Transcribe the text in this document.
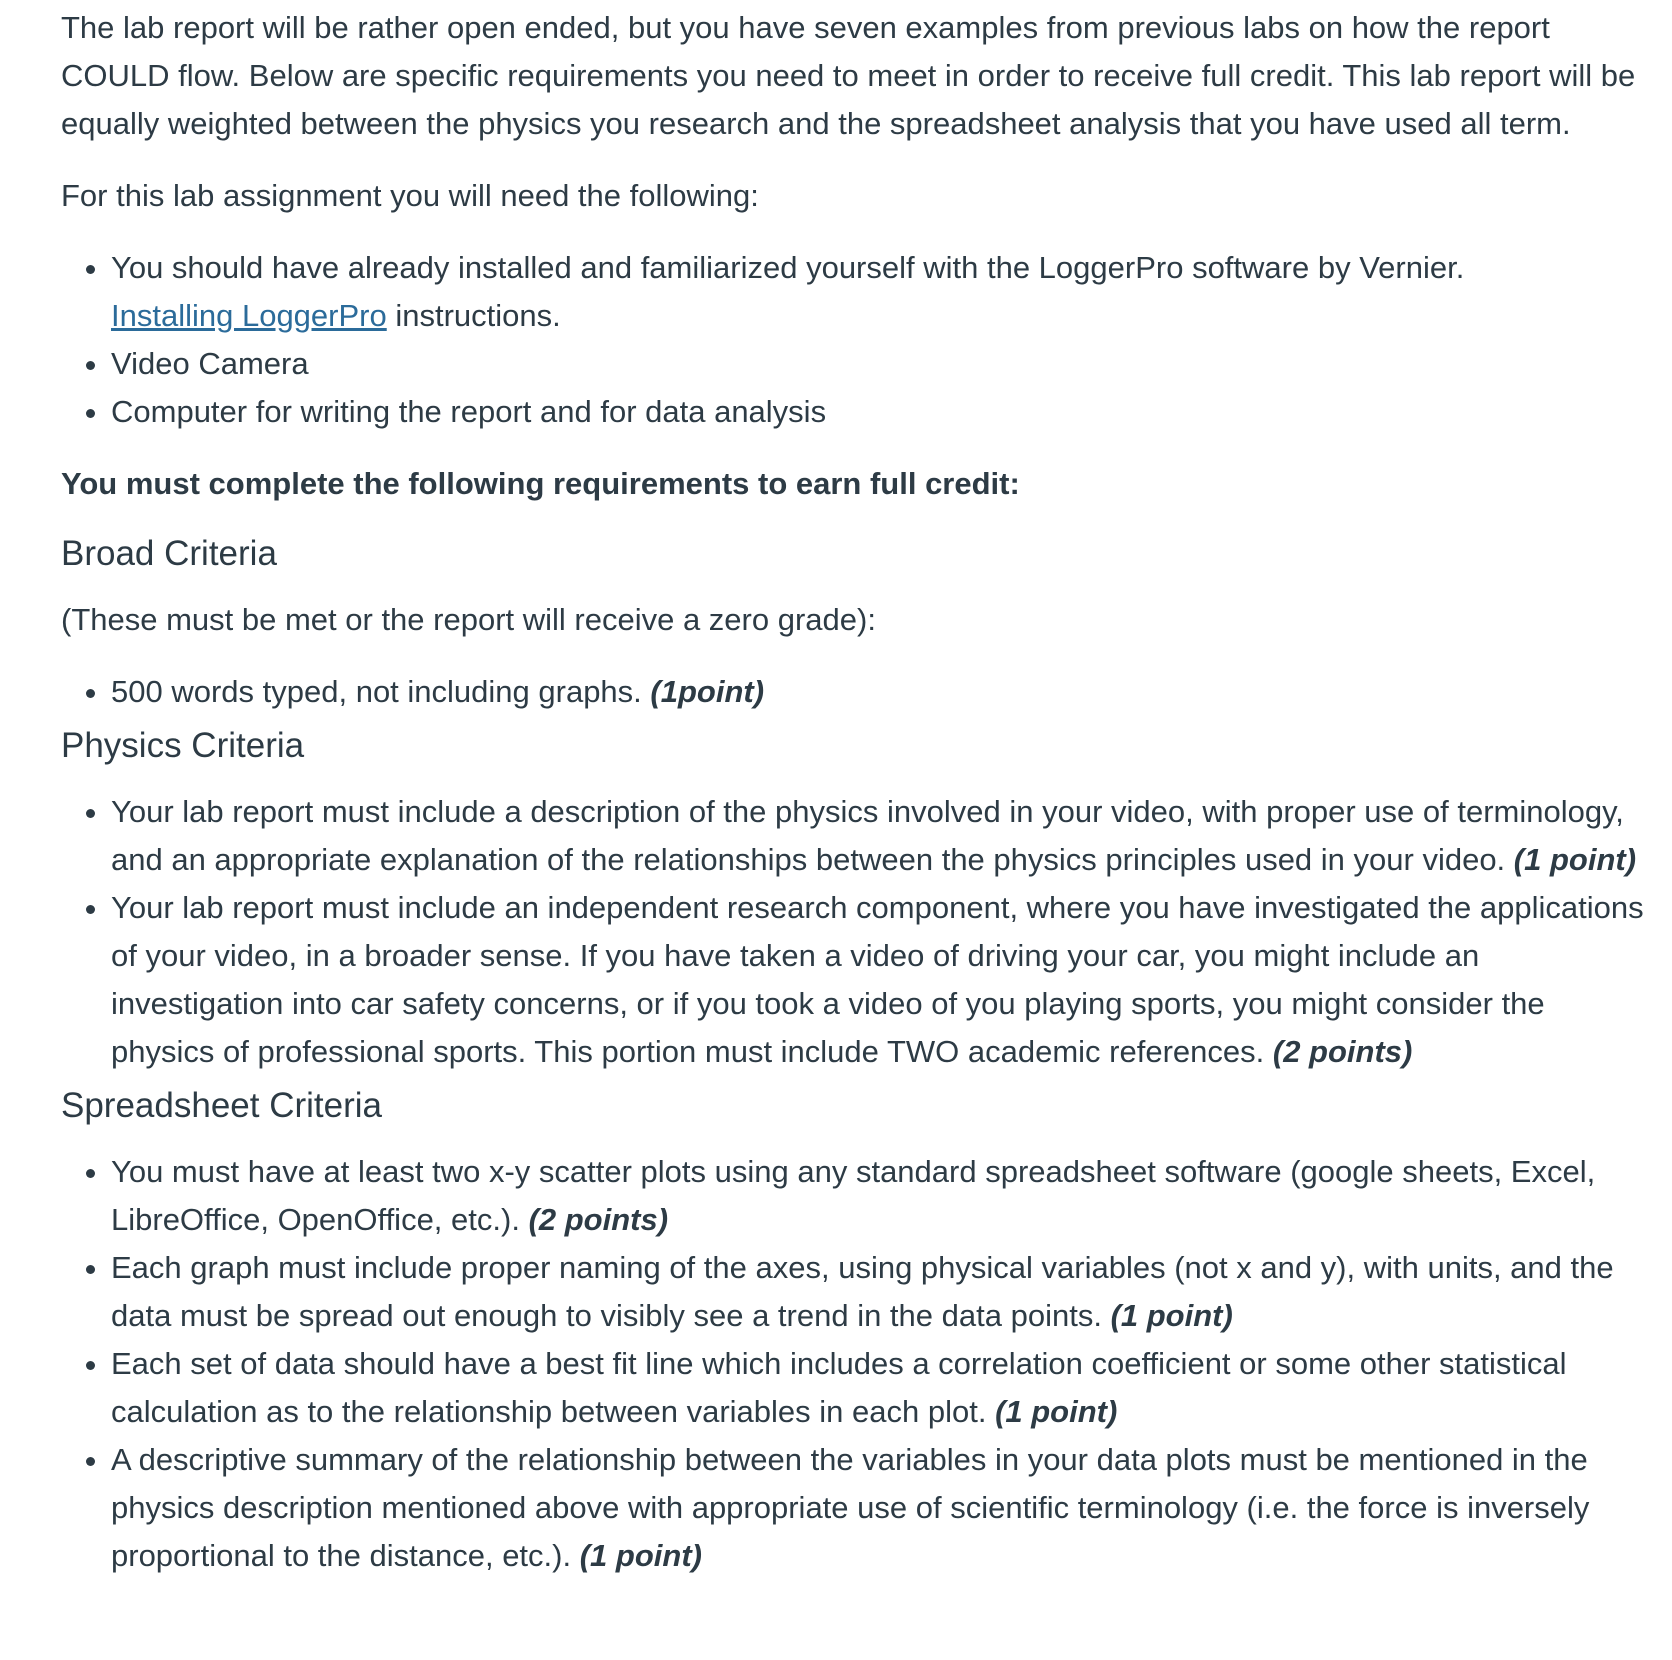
The lab report will be rather open ended, but you have seven examples from previous labs on how the report COULD flow. Below are specific requirements you need to meet in order to receive full credit. This lab report will be equally weighted between the physics you research and the spreadsheet analysis that you have used all term.

For this lab assignment you will need the following:

• You should have already installed and familiarized yourself with the LoggerPro software by Vernier.
Installing LoggerPro instructions.
• Video Camera
• Computer for writing the report and for data analysis

You must complete the following requirements to earn full credit:

Broad Criteria

(These must be met or the report will receive a zero grade):

• 500 words typed, not including graphs. (1point)
Physics Criteria
• Your lab report must include a description of the physics involved in your video, with proper use of terminology, and an appropriate explanation of the relationships between the physics principles used in your video. (1 point)
• Your lab report must include an independent research component, where you have investigated the applications of your video, in a broader sense. If you have taken a video of driving your car, you might include an investigation into car safety concerns, or if you took a video of you playing sports, you might consider the physics of professional sports. This portion must include TWO academic references. (2 points)
Spreadsheet Criteria
• You must have at least two x-y scatter plots using any standard spreadsheet software (google sheets, Excel, LibreOffice, OpenOffice, etc.). (2 points)
• Each graph must include proper naming of the axes, using physical variables (not x and y), with units, and the data must be spread out enough to visibly see a trend in the data points. (1 point)
• Each set of data should have a best fit line which includes a correlation coefficient or some other statistical calculation as to the relationship between variables in each plot. (1 point)
• A descriptive summary of the relationship between the variables in your data plots must be mentioned in the physics description mentioned above with appropriate use of scientific terminology (i.e. the force is inversely proportional to the distance, etc.). (1 point)
